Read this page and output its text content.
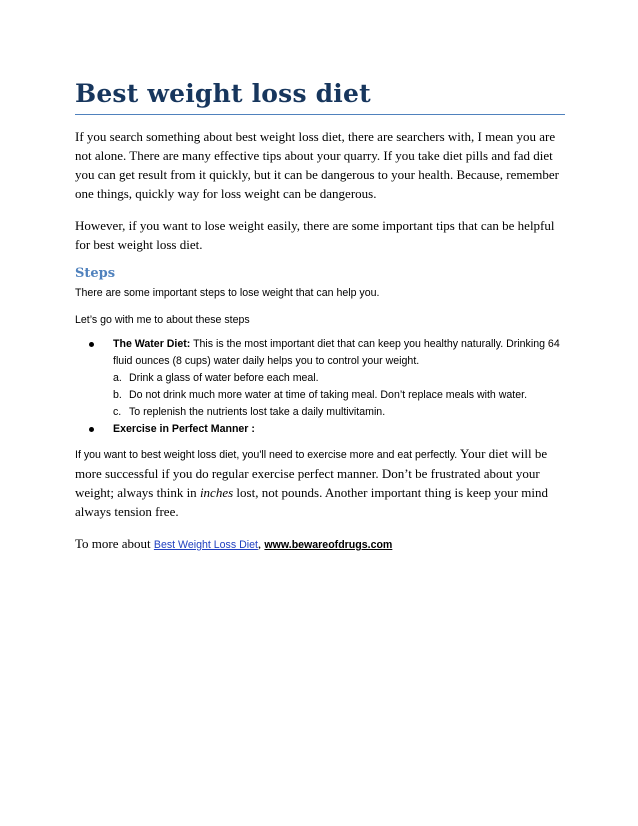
Best weight loss diet

If you search something about best weight loss diet, there are searchers with, I mean you are not alone. There are many effective tips about your quarry. If you take diet pills and fad diet you can get result from it quickly, but it can be dangerous to your health. Because, remember one things, quickly way for loss weight can be dangerous.

However, if you want to lose weight easily, there are some important tips that can be helpful for best weight loss diet.

Steps

There are some important steps to lose weight that can help you.

Let’s go with me to about these steps

The Water Diet: This is the most important diet that can keep you healthy naturally. Drinking 64 fluid ounces (8 cups) water daily helps you to control your weight.
a. Drink a glass of water before each meal.
b. Do not drink much more water at time of taking meal. Don’t replace meals with water.
c. To replenish the nutrients lost take a daily multivitamin.
Exercise in Perfect Manner :

If you want to best weight loss diet, you'll need to exercise more and eat perfectly. Your diet will be more successful if you do regular exercise perfect manner. Don’t be frustrated about your weight; always think in inches lost, not pounds. Another important thing is keep your mind always tension free.

To more about Best Weight Loss Diet, www.bewareofdrugs.com
